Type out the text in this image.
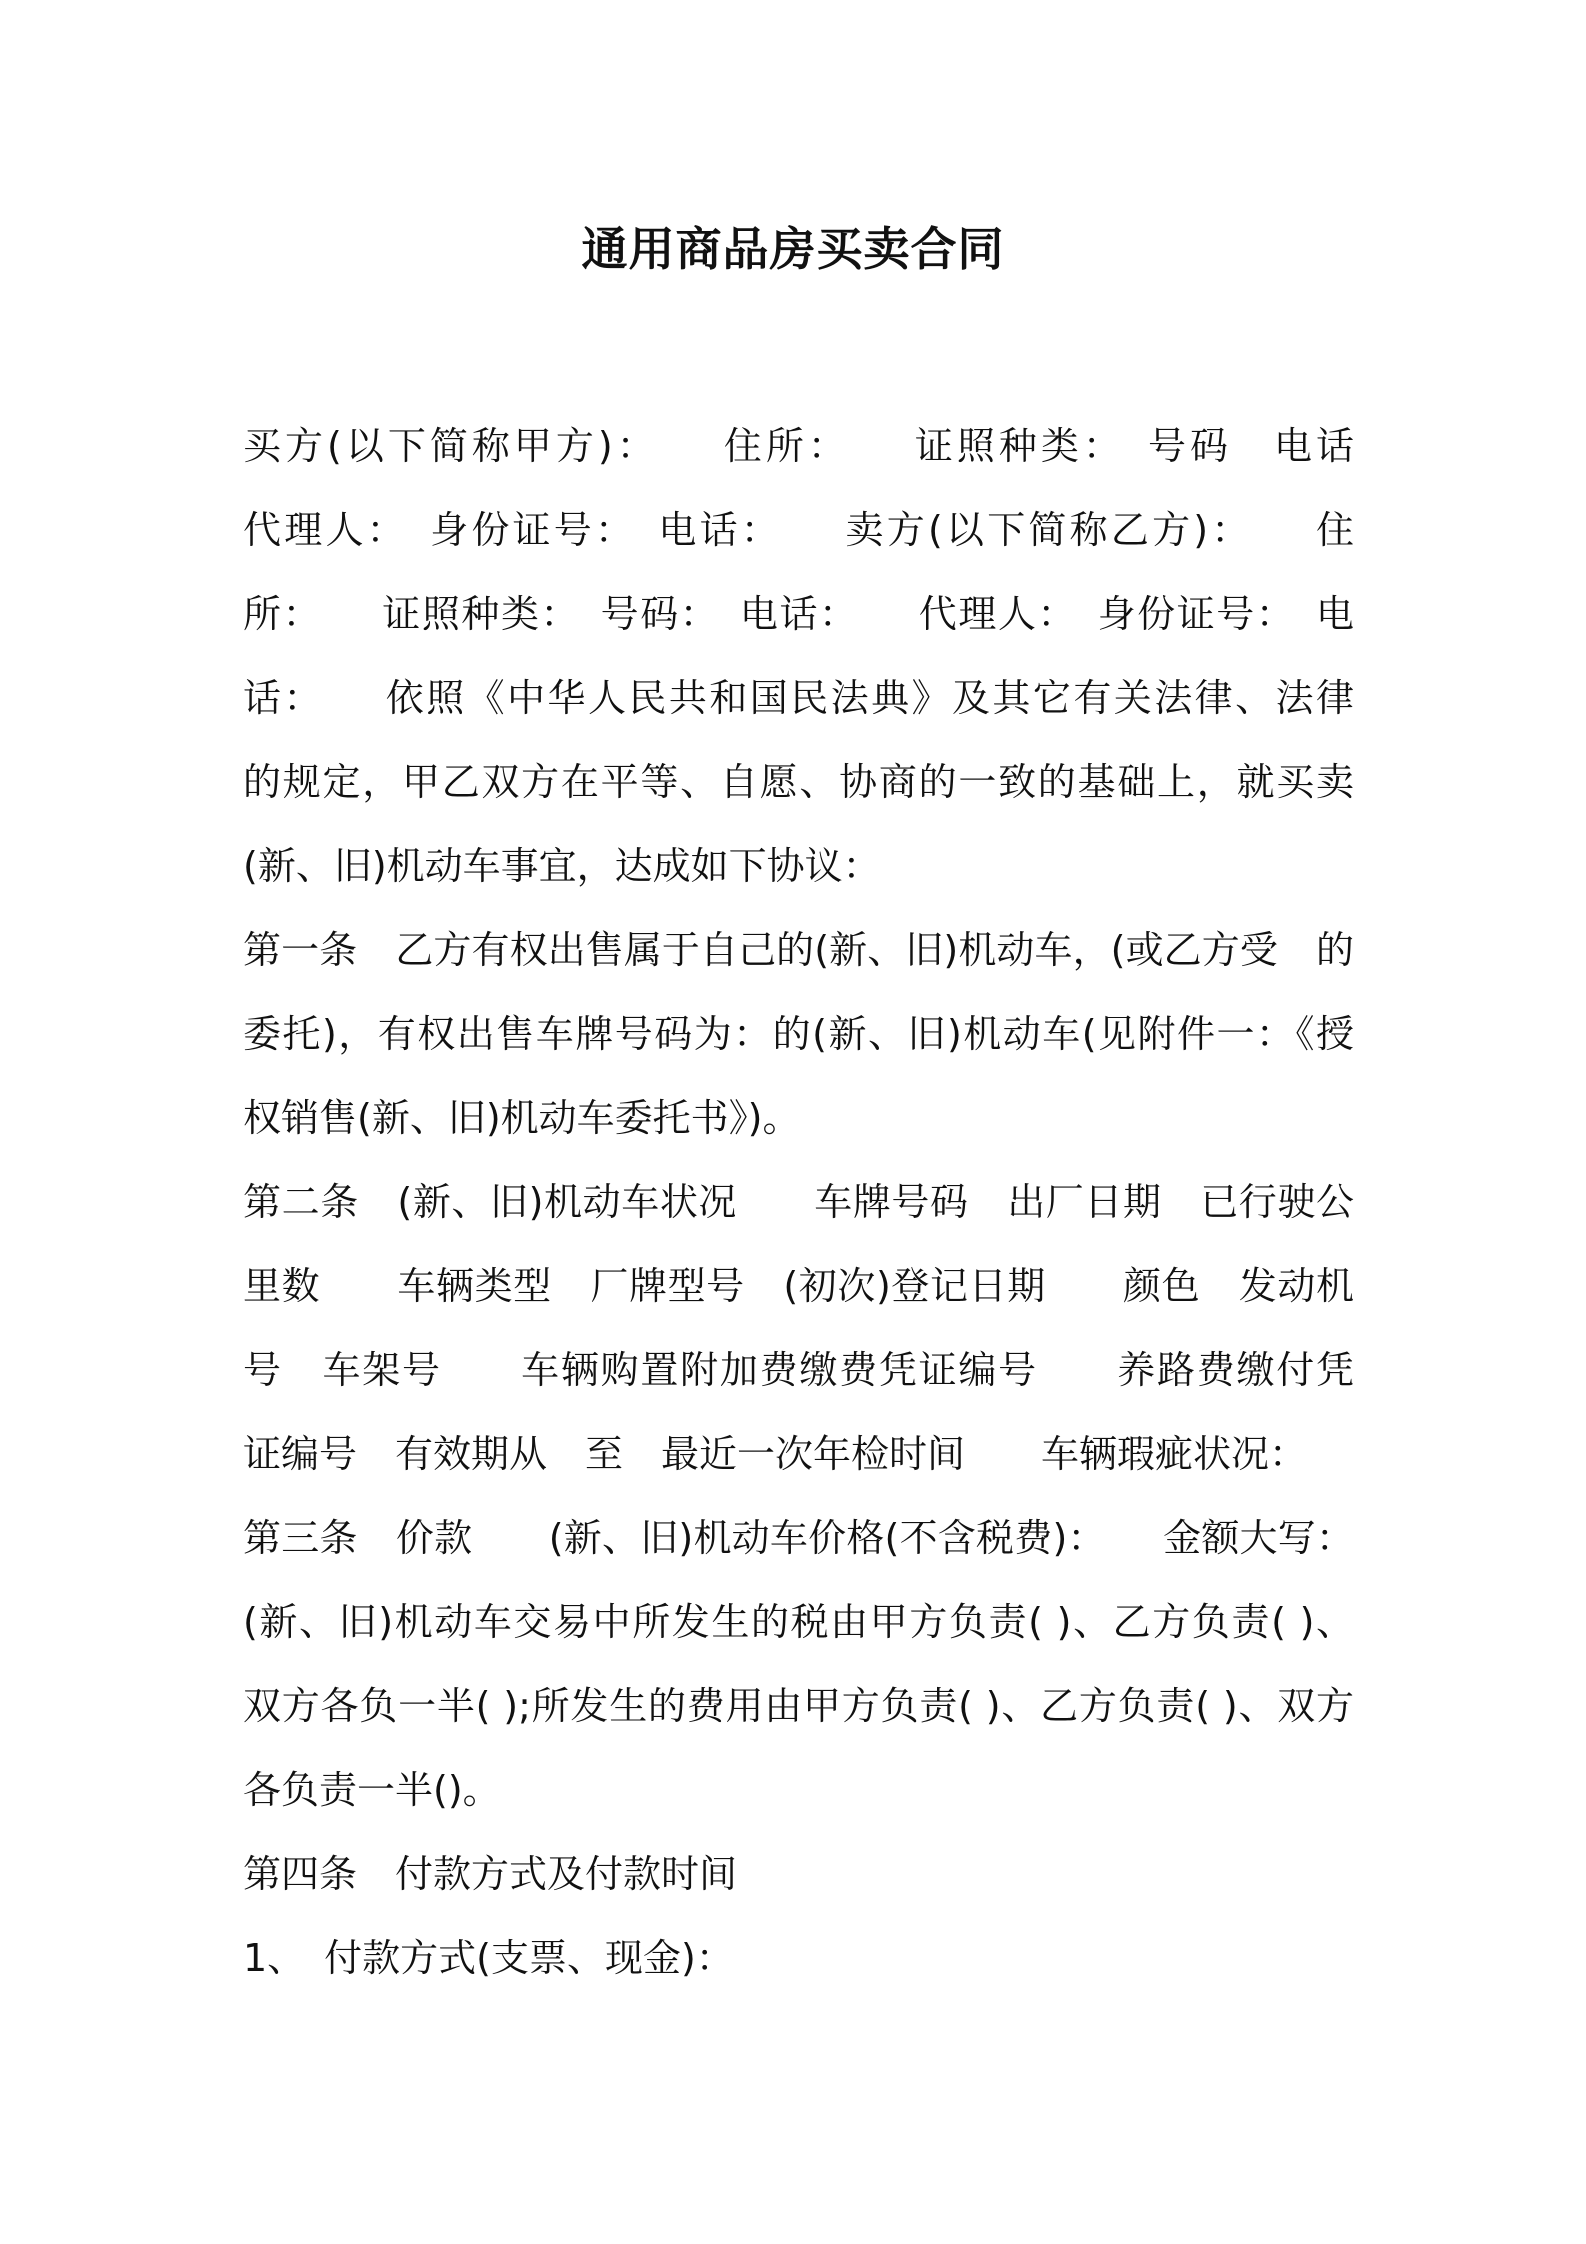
通用商品房买卖合同
买方(以下简称甲方)：　　住所：　　证照种类：　号码　电话
代理人：　身份证号：　电话：　　卖方(以下简称乙方)：　　住
所：　　证照种类：　号码：　电话：　　代理人：　身份证号：　电
话：　　依照《中华人民共和国民法典》及其它有关法律、法律
的规定，甲乙双方在平等、自愿、协商的一致的基础上，就买卖
(新、旧)机动车事宜，达成如下协议：
第一条　乙方有权出售属于自己的(新、旧)机动车，(或乙方受　的
委托)，有权出售车牌号码为：的(新、旧)机动车(见附件一：《授
权销售(新、旧)机动车委托书》)。
第二条　(新、旧)机动车状况　　车牌号码　出厂日期　已行驶公
里数　　车辆类型　厂牌型号　(初次)登记日期　　颜色　发动机
号　车架号　　车辆购置附加费缴费凭证编号　　养路费缴付凭
证编号　有效期从　至　最近一次年检时间　　车辆瑕疵状况：
第三条　价款　　(新、旧)机动车价格(不含税费)：　　金额大写：
(新、旧)机动车交易中所发生的税由甲方负责( )、乙方负责( )、
双方各负一半( );所发生的费用由甲方负责( )、乙方负责( )、双方
各负责一半()。
第四条　付款方式及付款时间
1、　付款方式(支票、现金)：
